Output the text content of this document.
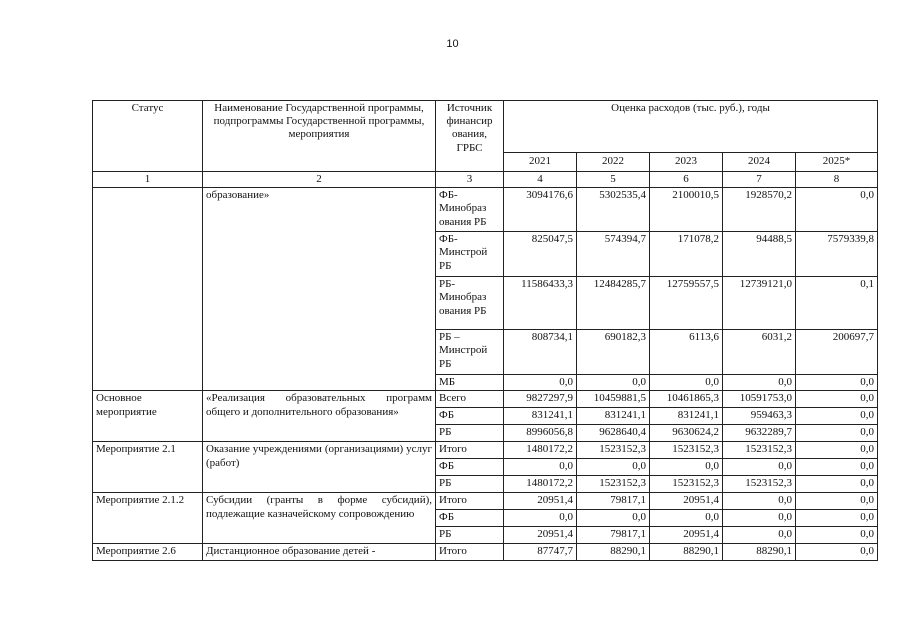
10
Статус	Наименование Государственной программы, подпрограммы Государственной программы, мероприятия	Источник финансир ования, ГРБС	Оценка расходов (тыс. руб.), годы				
			2021	2022	2023	2024	2025*
1	2	3	4	5	6	7	8
	образование»	ФБ-Минобраз ования РБ	3094176,6	5302535,4	2100010,5	1928570,2	0,0
		ФБ-Минстрой РБ	825047,5	574394,7	171078,2	94488,5	7579339,8
		РБ-Минобраз ования РБ	11586433,3	12484285,7	12759557,5	12739121,0	0,1
		РБ – Минстрой РБ	808734,1	690182,3	6113,6	6031,2	200697,7
		МБ	0,0	0,0	0,0	0,0	0,0
Основное мероприятие	«Реализация образовательных программ общего и дополнительного образования»	Всего	9827297,9	10459881,5	10461865,3	10591753,0	0,0
		ФБ	831241,1	831241,1	831241,1	959463,3	0,0
		РБ	8996056,8	9628640,4	9630624,2	9632289,7	0,0
Мероприятие 2.1	Оказание учреждениями (организациями) услуг (работ)	Итого	1480172,2	1523152,3	1523152,3	1523152,3	0,0
		ФБ	0,0	0,0	0,0	0,0	0,0
		РБ	1480172,2	1523152,3	1523152,3	1523152,3	0,0
Мероприятие 2.1.2	Субсидии (гранты в форме субсидий), подлежащие казначейскому сопровождению	Итого	20951,4	79817,1	20951,4	0,0	0,0
		ФБ	0,0	0,0	0,0	0,0	0,0
		РБ	20951,4	79817,1	20951,4	0,0	0,0
Мероприятие 2.6	Дистанционное образование детей -	Итого	87747,7	88290,1	88290,1	88290,1	0,0
